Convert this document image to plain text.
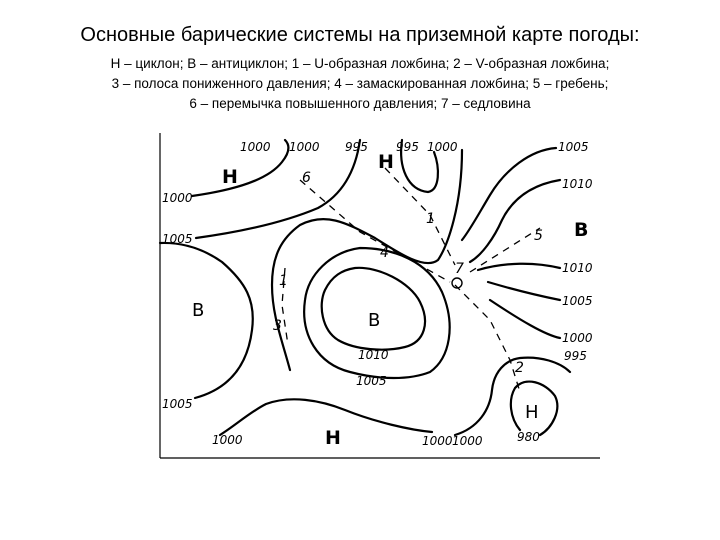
Основные барические системы на приземной карте погоды:
Н – циклон; В – антициклон; 1 – U-образная ложбина; 2 – V-образная ложбина;
3 – полоса пониженного давления; 4 – замаскированная ложбина; 5 – гребень;
6 – перемычка повышенного давления; 7 – седловина
1000 1000 995 995 1000
1000
1005
1005
1000
1010
1005
1000 1000	980
1005
1010
1010
1005
1000
995
Н
Н
В
В	В
Н
Н
1
2
3
4
5
6
7
1
